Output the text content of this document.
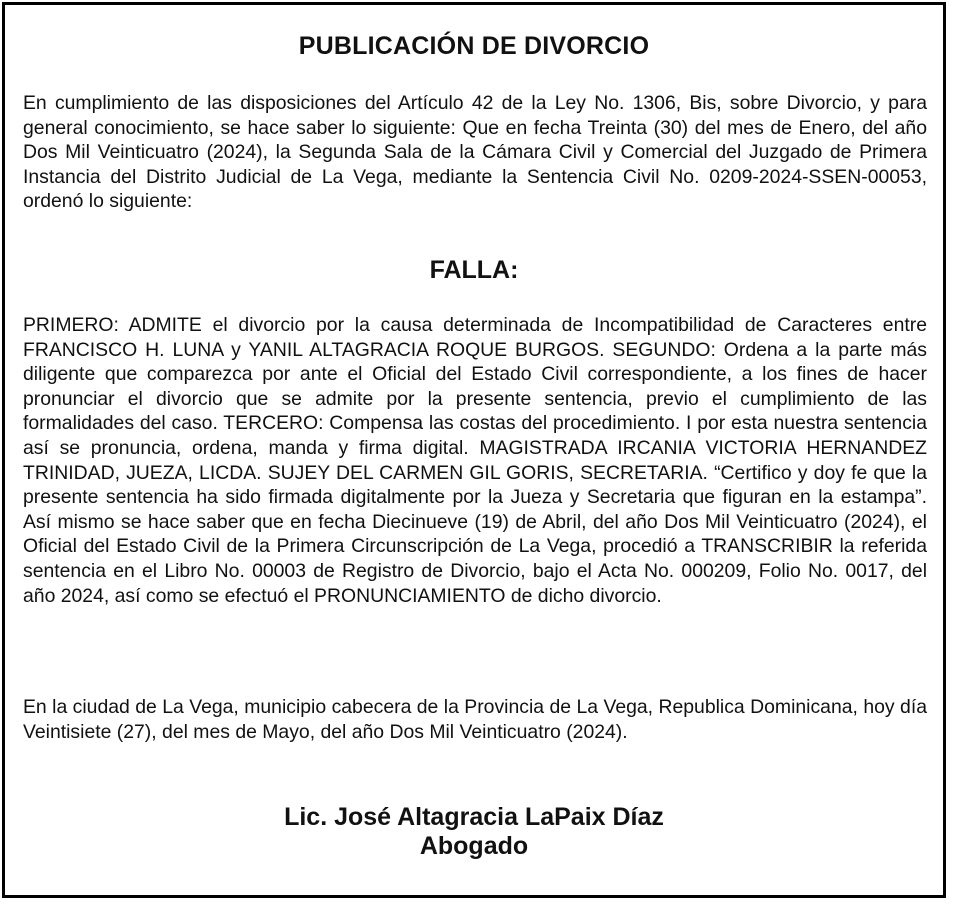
PUBLICACIÓN DE DIVORCIO

En cumplimiento de las disposiciones del Artículo 42 de la Ley No. 1306, Bis, sobre Divorcio, y para general conocimiento, se hace saber lo siguiente: Que en fecha Treinta (30) del mes de Enero, del año Dos Mil Veinticuatro (2024), la Segunda Sala de la Cámara Civil y Comercial del Juzgado de Primera Instancia del Distrito Judicial de La Vega, mediante la Sentencia Civil No. 0209-2024-SSEN-00053, ordenó lo siguiente:

FALLA:

PRIMERO: ADMITE el divorcio por la causa determinada de Incompatibilidad de Caracteres entre FRANCISCO H. LUNA y YANIL ALTAGRACIA ROQUE BURGOS. SEGUNDO: Ordena a la parte más diligente que comparezca por ante el Oficial del Estado Civil correspondiente, a los fines de hacer pronunciar el divorcio que se admite por la presente sentencia, previo el cumplimiento de las formalidades del caso. TERCERO: Compensa las costas del procedimiento. I por esta nuestra sentencia así se pronuncia, ordena, manda y firma digital. MAGISTRADA IRCANIA VICTORIA HERNANDEZ TRINIDAD, JUEZA, LICDA. SUJEY DEL CARMEN GIL GORIS, SECRETARIA. “Certifico y doy fe que la presente sentencia ha sido firmada digitalmente por la Jueza y Secretaria que figuran en la estampa”. Así mismo se hace saber que en fecha Diecinueve (19) de Abril, del año Dos Mil Veinticuatro (2024), el Oficial del Estado Civil de la Primera Circunscripción de La Vega, procedió a TRANSCRIBIR la referida sentencia en el Libro No. 00003 de Registro de Divorcio, bajo el Acta No. 000209, Folio No. 0017, del año 2024, así como se efectuó el PRONUNCIAMIENTO de dicho divorcio.

En la ciudad de La Vega, municipio cabecera de la Provincia de La Vega, Republica Dominicana, hoy día Veintisiete (27), del mes de Mayo, del año Dos Mil Veinticuatro (2024).

Lic. José Altagracia LaPaix Díaz
Abogado
